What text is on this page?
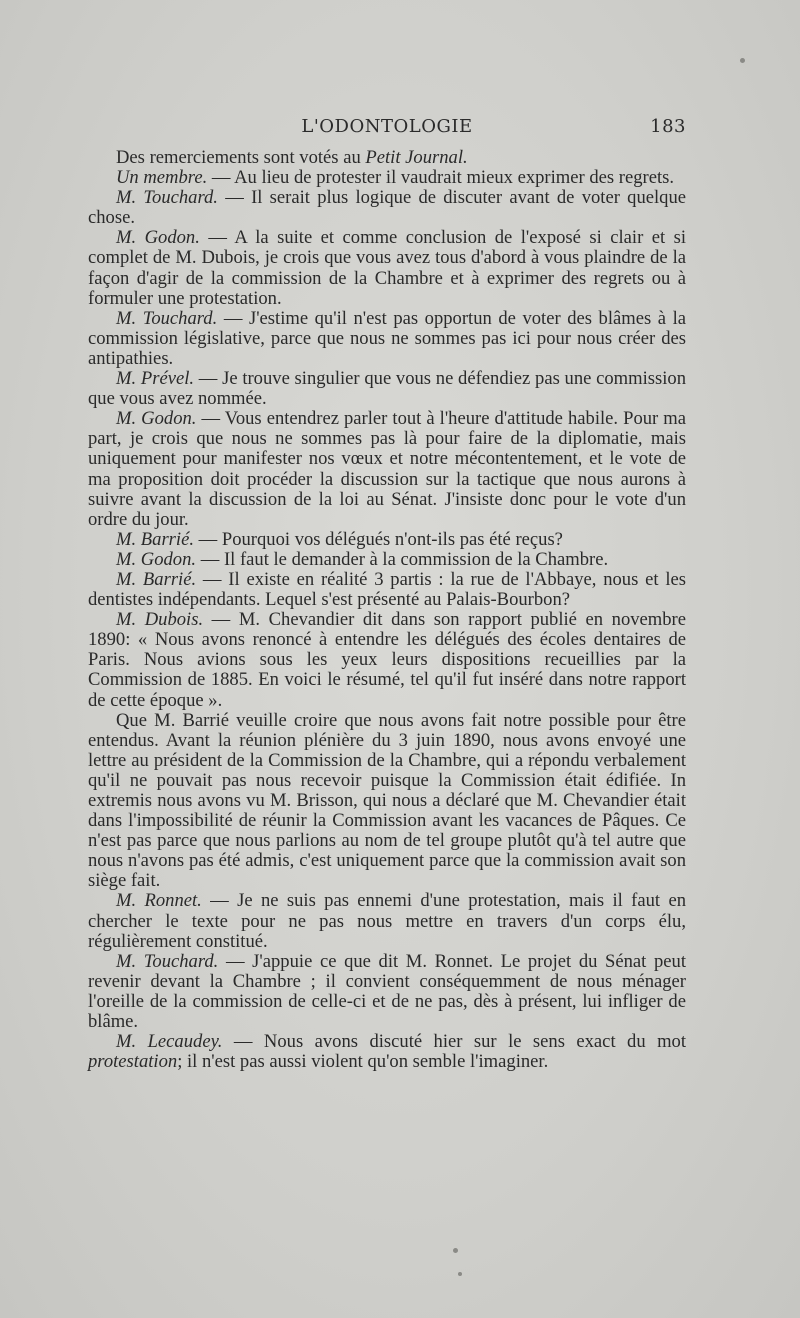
L'ODONTOLOGIE	183

Des remerciements sont votés au Petit Journal.

Un membre. — Au lieu de protester il vaudrait mieux exprimer des regrets.

M. Touchard. — Il serait plus logique de discuter avant de voter quelque chose.

M. Godon. — A la suite et comme conclusion de l'exposé si clair et si complet de M. Dubois, je crois que vous avez tous d'abord à vous plaindre de la façon d'agir de la commission de la Chambre et à exprimer des regrets ou à formuler une protestation.

M. Touchard. — J'estime qu'il n'est pas opportun de voter des blâmes à la commission législative, parce que nous ne sommes pas ici pour nous créer des antipathies.

M. Prével. — Je trouve singulier que vous ne défendiez pas une commission que vous avez nommée.

M. Godon. — Vous entendrez parler tout à l'heure d'attitude habile. Pour ma part, je crois que nous ne sommes pas là pour faire de la diplomatie, mais uniquement pour manifester nos vœux et notre mécontentement, et le vote de ma proposition doit procéder la discussion sur la tactique que nous aurons à suivre avant la discussion de la loi au Sénat. J'insiste donc pour le vote d'un ordre du jour.

M. Barrié. — Pourquoi vos délégués n'ont-ils pas été reçus?

M. Godon. — Il faut le demander à la commission de la Chambre.

M. Barrié. — Il existe en réalité 3 partis : la rue de l'Abbaye, nous et les dentistes indépendants. Lequel s'est présenté au Palais-Bourbon?

M. Dubois. — M. Chevandier dit dans son rapport publié en novembre 1890: « Nous avons renoncé à entendre les délégués des écoles dentaires de Paris. Nous avions sous les yeux leurs dispositions recueillies par la Commission de 1885. En voici le résumé, tel qu'il fut inséré dans notre rapport de cette époque ».

Que M. Barrié veuille croire que nous avons fait notre possible pour être entendus. Avant la réunion plénière du 3 juin 1890, nous avons envoyé une lettre au président de la Commission de la Chambre, qui a répondu verbalement qu'il ne pouvait pas nous recevoir puisque la Commission était édifiée. In extremis nous avons vu M. Brisson, qui nous a déclaré que M. Chevandier était dans l'impossibilité de réunir la Commission avant les vacances de Pâques. Ce n'est pas parce que nous parlions au nom de tel groupe plutôt qu'à tel autre que nous n'avons pas été admis, c'est uniquement parce que la commission avait son siège fait.

M. Ronnet. — Je ne suis pas ennemi d'une protestation, mais il faut en chercher le texte pour ne pas nous mettre en travers d'un corps élu, régulièrement constitué.

M. Touchard. — J'appuie ce que dit M. Ronnet. Le projet du Sénat peut revenir devant la Chambre ; il convient conséquemment de nous ménager l'oreille de la commission de celle-ci et de ne pas, dès à présent, lui infliger de blâme.

M. Lecaudey. — Nous avons discuté hier sur le sens exact du mot protestation; il n'est pas aussi violent qu'on semble l'imaginer.
